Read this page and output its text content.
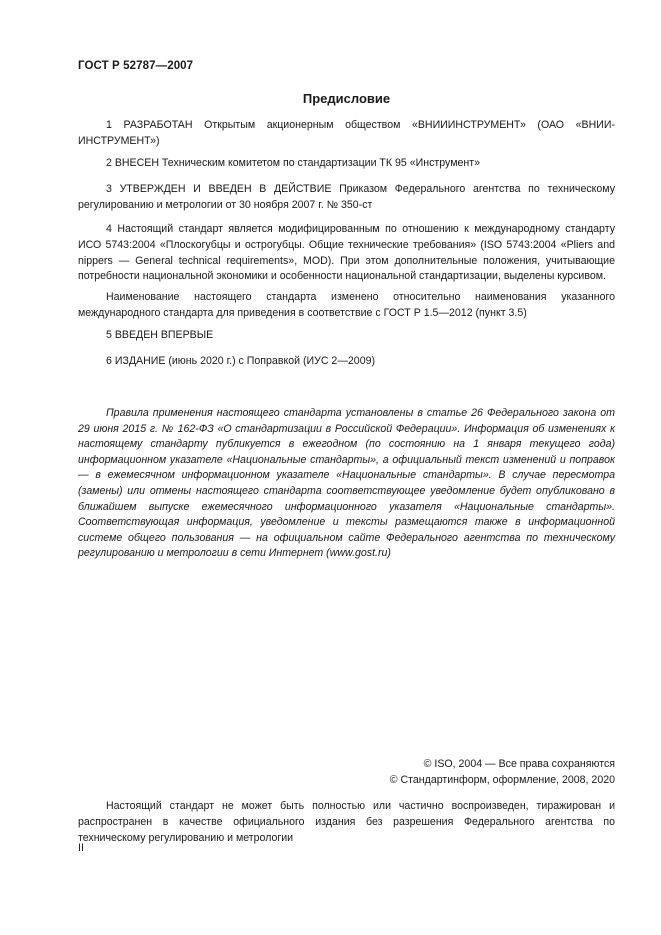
ГОСТ Р 52787—2007
Предисловие
1 РАЗРАБОТАН Открытым акционерным обществом «ВНИИИНСТРУМЕНТ» (ОАО «ВНИИ-ИНСТРУМЕНТ»)
2 ВНЕСЕН Техническим комитетом по стандартизации ТК 95 «Инструмент»
3 УТВЕРЖДЕН И ВВЕДЕН В ДЕЙСТВИЕ Приказом Федерального агентства по техническому регулированию и метрологии от 30 ноября 2007 г. № 350-ст
4 Настоящий стандарт является модифицированным по отношению к международному стандарту ИСО 5743:2004 «Плоскогубцы и острогубцы. Общие технические требования» (ISO 5743:2004 «Pliers and nippers — General technical requirements», MOD). При этом дополнительные положения, учитывающие потребности национальной экономики и особенности национальной стандартизации, выделены курсивом.
Наименование настоящего стандарта изменено относительно наименования указанного международного стандарта для приведения в соответствие с ГОСТ Р 1.5—2012 (пункт 3.5)
5 ВВЕДЕН ВПЕРВЫЕ
6 ИЗДАНИЕ (июнь 2020 г.) с Поправкой (ИУС 2—2009)
Правила применения настоящего стандарта установлены в статье 26 Федерального закона от 29 июня 2015 г. № 162-ФЗ «О стандартизации в Российской Федерации». Информация об изменениях к настоящему стандарту публикуется в ежегодном (по состоянию на 1 января текущего года) информационном указателе «Национальные стандарты», а официальный текст изменений и поправок — в ежемесячном информационном указателе «Национальные стандарты». В случае пересмотра (замены) или отмены настоящего стандарта соответствующее уведомление будет опубликовано в ближайшем выпуске ежемесячного информационного указателя «Национальные стандарты». Соответствующая информация, уведомление и тексты размещаются также в информационной системе общего пользования — на официальном сайте Федерального агентства по техническому регулированию и метрологии в сети Интернет (www.gost.ru)
© ISO, 2004 — Все права сохраняются
© Стандартинформ, оформление, 2008, 2020
Настоящий стандарт не может быть полностью или частично воспроизведен, тиражирован и распространен в качестве официального издания без разрешения Федерального агентства по техническому регулированию и метрологии
II
